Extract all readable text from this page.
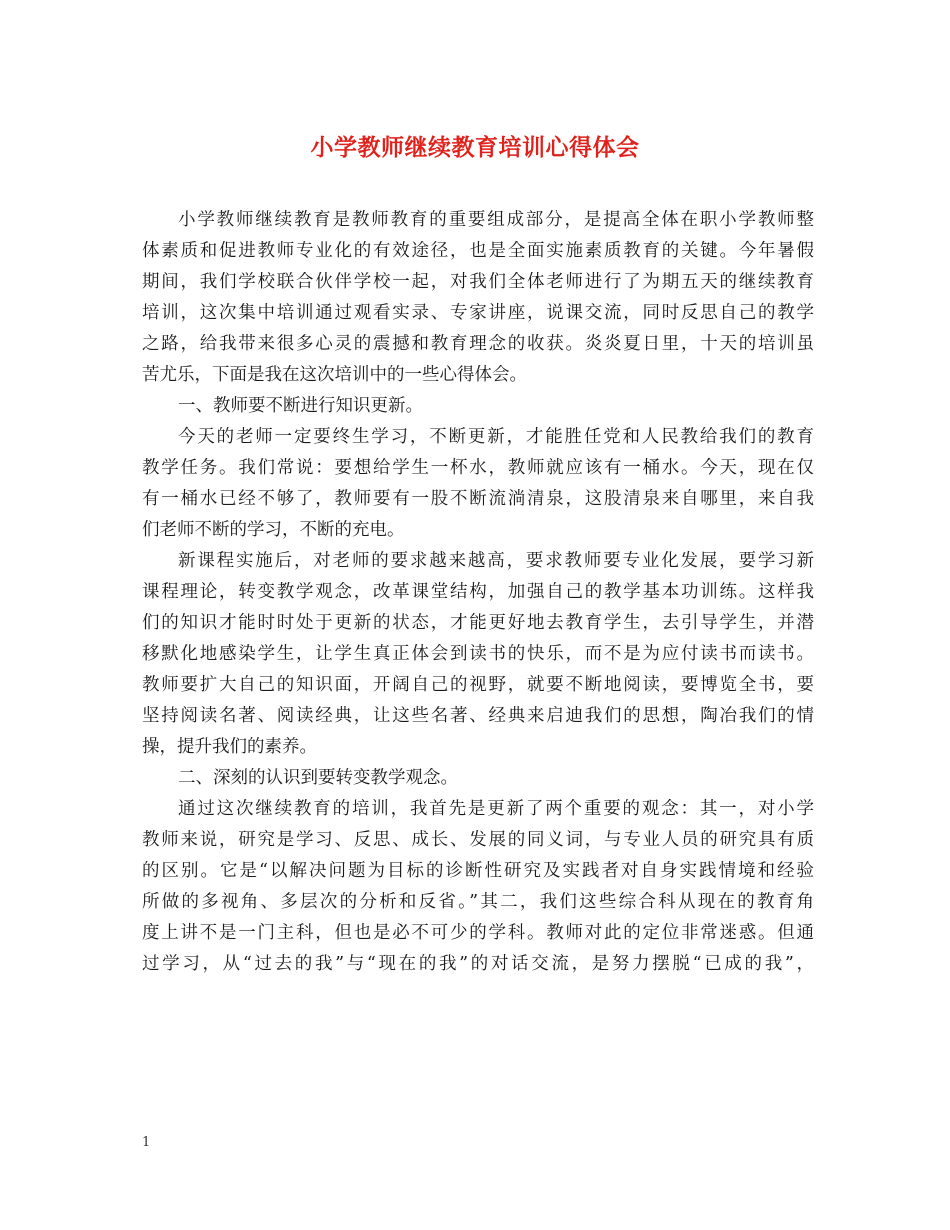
小学教师继续教育培训心得体会
小学教师继续教育是教师教育的重要组成部分，是提高全体在职小学教师整
体素质和促进教师专业化的有效途径，也是全面实施素质教育的关键。今年暑假
期间，我们学校联合伙伴学校一起，对我们全体老师进行了为期五天的继续教育
培训，这次集中培训通过观看实录、专家讲座，说课交流，同时反思自己的教学
之路，给我带来很多心灵的震撼和教育理念的收获。炎炎夏日里，十天的培训虽
苦尤乐，下面是我在这次培训中的一些心得体会。
一、教师要不断进行知识更新。
今天的老师一定要终生学习，不断更新，才能胜任党和人民教给我们的教育
教学任务。我们常说：要想给学生一杯水，教师就应该有一桶水。今天，现在仅
有一桶水已经不够了，教师要有一股不断流淌清泉，这股清泉来自哪里，来自我
们老师不断的学习，不断的充电。
新课程实施后，对老师的要求越来越高，要求教师要专业化发展，要学习新
课程理论，转变教学观念，改革课堂结构，加强自己的教学基本功训练。这样我
们的知识才能时时处于更新的状态，才能更好地去教育学生，去引导学生，并潜
移默化地感染学生，让学生真正体会到读书的快乐，而不是为应付读书而读书。
教师要扩大自己的知识面，开阔自己的视野，就要不断地阅读，要博览全书，要
坚持阅读名著、阅读经典，让这些名著、经典来启迪我们的思想，陶冶我们的情
操，提升我们的素养。
二、深刻的认识到要转变教学观念。
通过这次继续教育的培训，我首先是更新了两个重要的观念：其一，对小学
教师来说，研究是学习、反思、成长、发展的同义词，与专业人员的研究具有质
的区别。它是“以解决问题为目标的诊断性研究及实践者对自身实践情境和经验
所做的多视角、多层次的分析和反省。”其二，我们这些综合科从现在的教育角
度上讲不是一门主科，但也是必不可少的学科。教师对此的定位非常迷惑。但通
过学习，从“过去的我”与“现在的我”的对话交流，是努力摆脱“已成的我”，
1
